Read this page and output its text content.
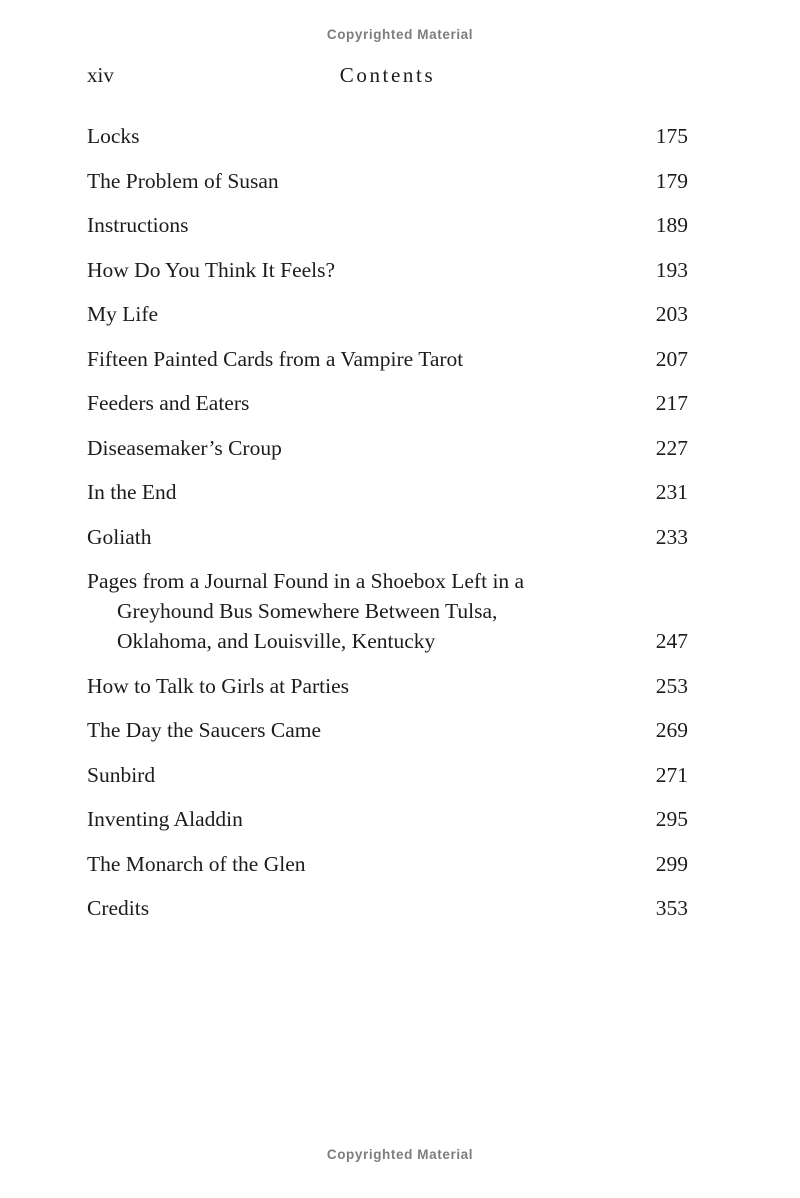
Copyrighted Material
xiv	Contents
Locks	175
The Problem of Susan	179
Instructions	189
How Do You Think It Feels?	193
My Life	203
Fifteen Painted Cards from a Vampire Tarot	207
Feeders and Eaters	217
Diseasemaker’s Croup	227
In the End	231
Goliath	233
Pages from a Journal Found in a Shoebox Left in a
Greyhound Bus Somewhere Between Tulsa,
Oklahoma, and Louisville, Kentucky	247
How to Talk to Girls at Parties	253
The Day the Saucers Came	269
Sunbird	271
Inventing Aladdin	295
The Monarch of the Glen	299
Credits	353
Copyrighted Material
